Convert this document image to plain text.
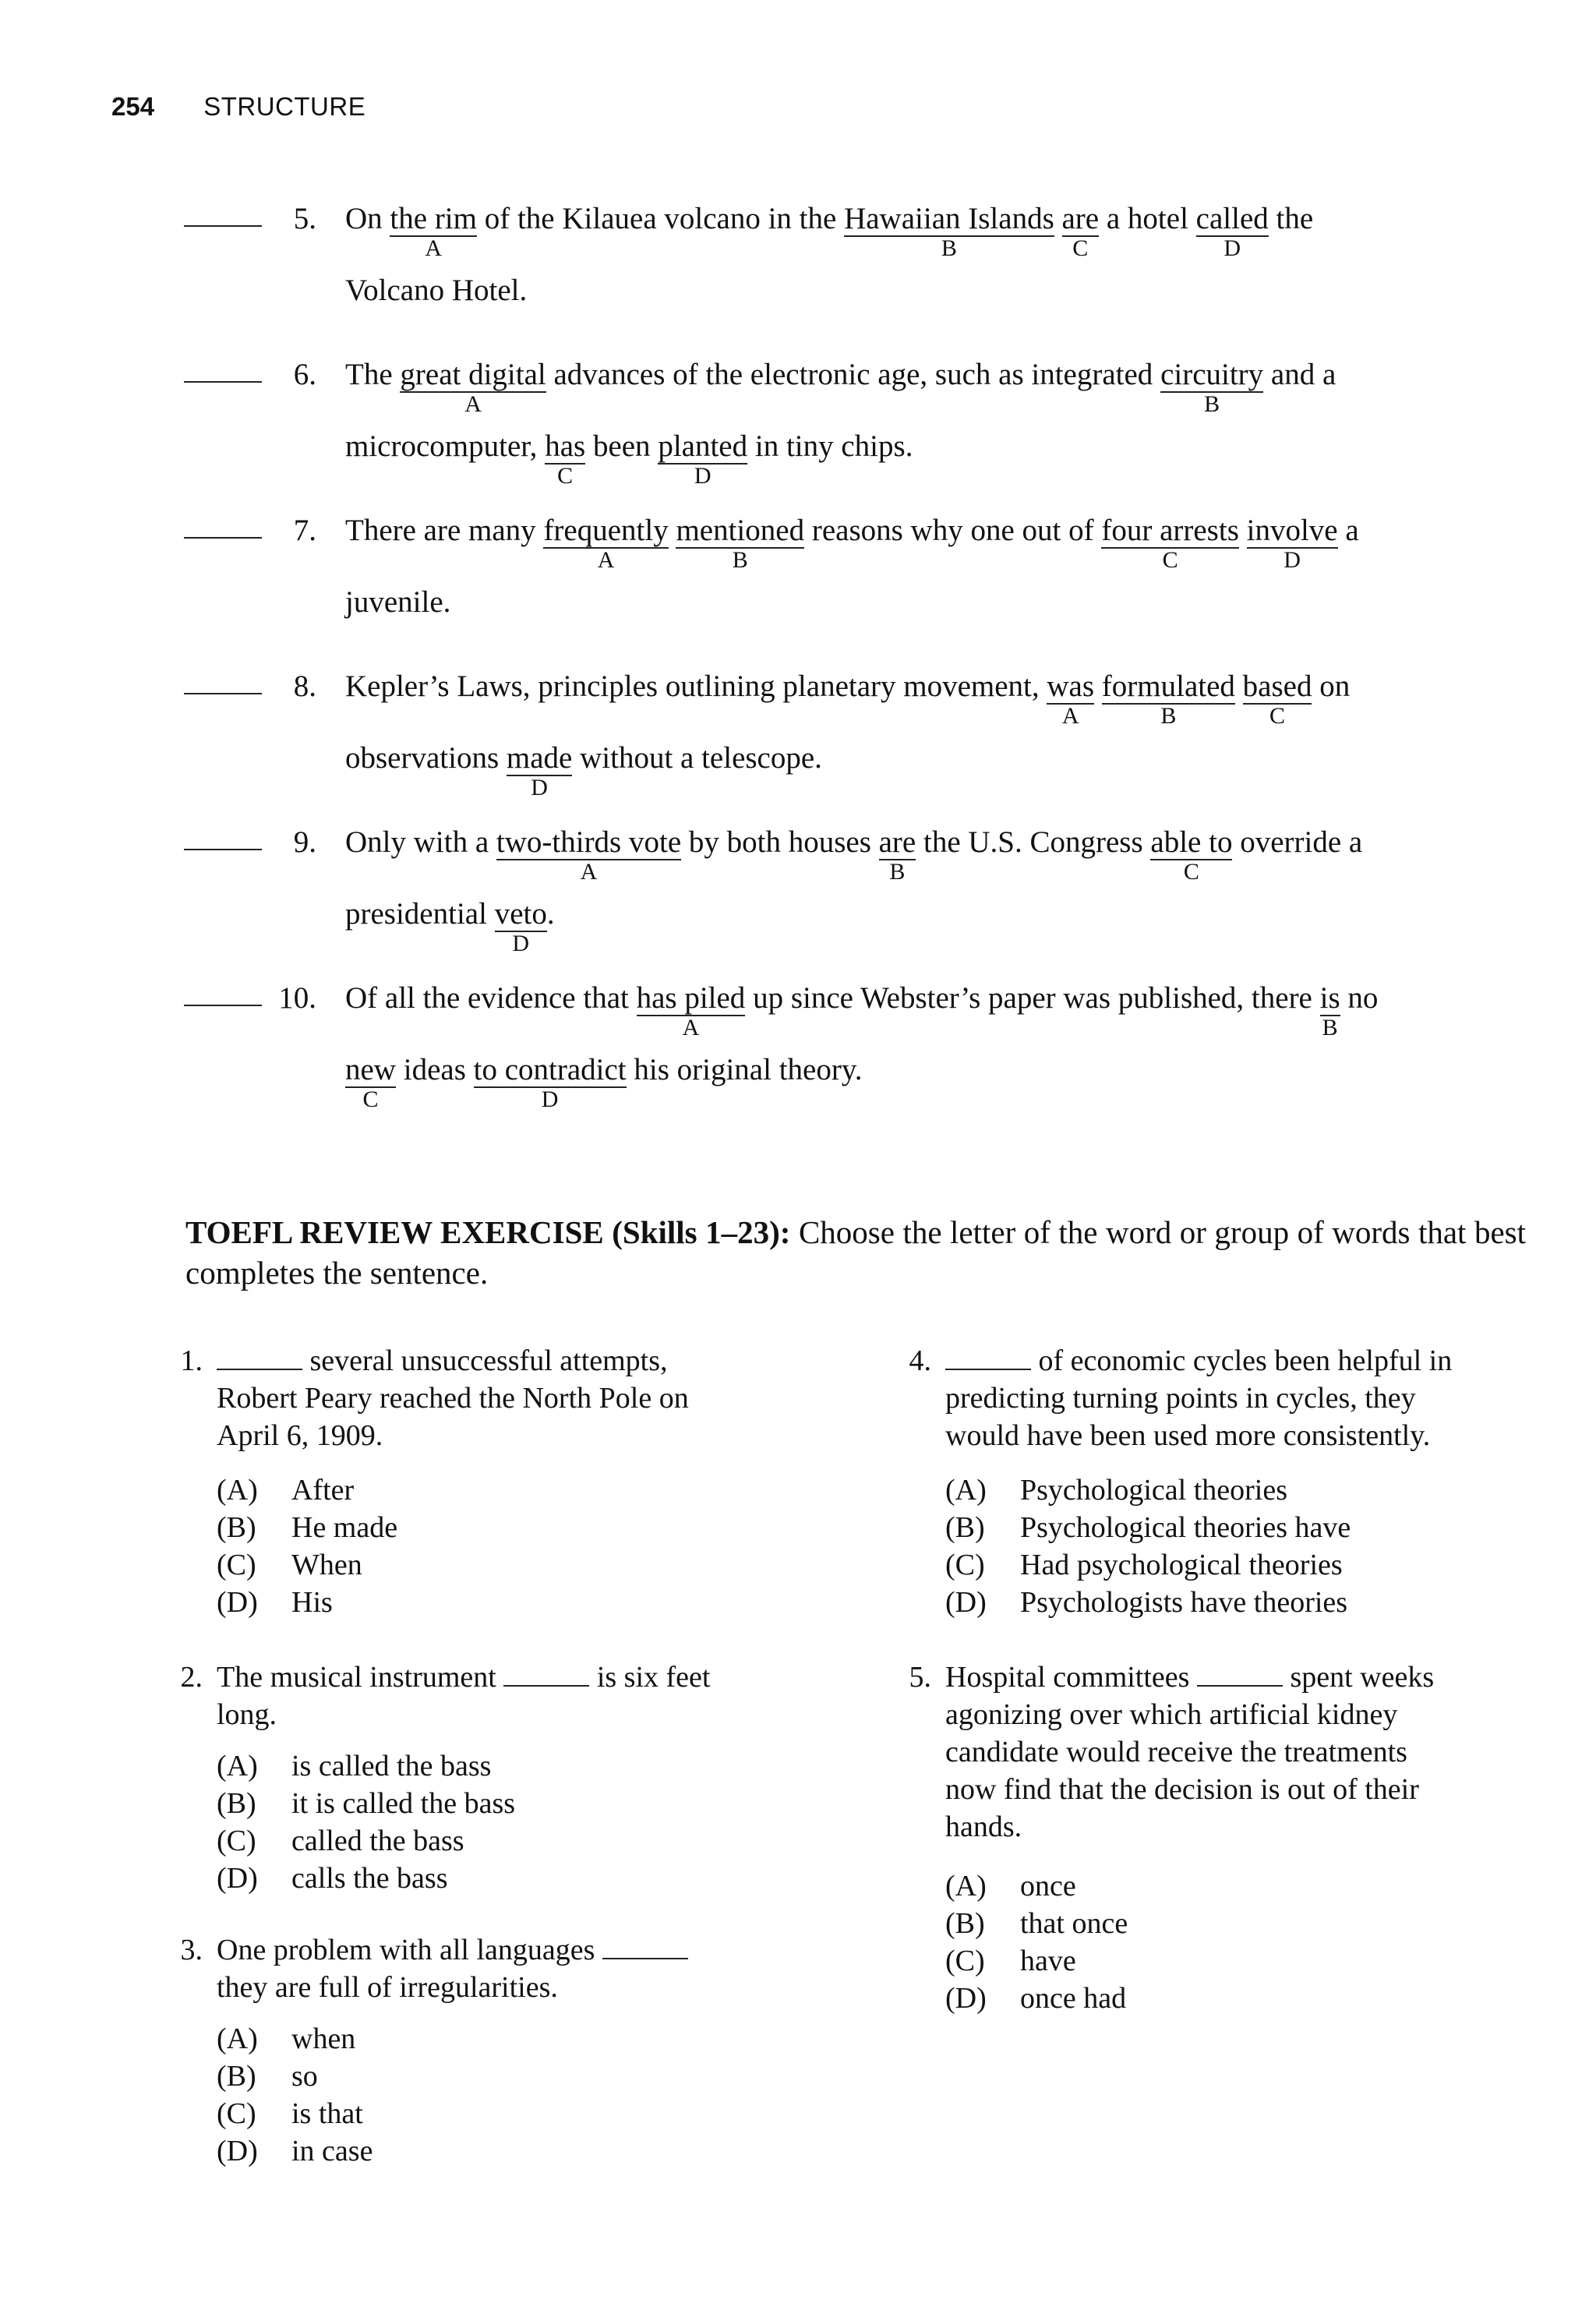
254 STRUCTURE
5. On the rim
A
of the Kilauea volcano in the Hawaiian Islands
B
are
C
a hotel called
D
the
Volcano Hotel.
6. The great digital
A
advances of the electronic age, such as integrated circuitry
B
and a
microcomputer, has
C
been planted
D
in tiny chips.
7. There are many frequently
A
mentioned
B
reasons why one out of four arrests
C
involve
D
a
juvenile.
8. Kepler’s Laws, principles outlining planetary movement, was
A
formulated
B
based
C
on
observations made
D
without a telescope.
9. Only with a two-thirds vote
A
by both houses are
B
the U.S. Congress able to
C
override a
presidential veto
D
.
10. Of all the evidence that has piled
A
up since Webster’s paper was published, there is
B
no
new
C
ideas to contradict
D
his original theory.
TOEFL REVIEW EXERCISE (Skills 1–23): Choose the letter of the word or group of words that best completes the sentence.
1.	several unsuccessful attempts,
Robert Peary reached the North Pole on
April 6, 1909.
(A) After
(B) He made
(C) When
(D) His
2. The musical instrument	is six feet
long.
(A) is called the bass
(B) it is called the bass
(C) called the bass
(D) calls the bass
3. One problem with all languages
they are full of irregularities.
(A) when
(B) so
(C) is that
(D) in case
4.	of economic cycles been helpful in
predicting turning points in cycles, they
would have been used more consistently.
(A) Psychological theories
(B) Psychological theories have
(C) Had psychological theories
(D) Psychologists have theories
5. Hospital committees	spent weeks
agonizing over which artificial kidney
candidate would receive the treatments
now find that the decision is out of their
hands.
(A) once
(B) that once
(C) have
(D) once had
